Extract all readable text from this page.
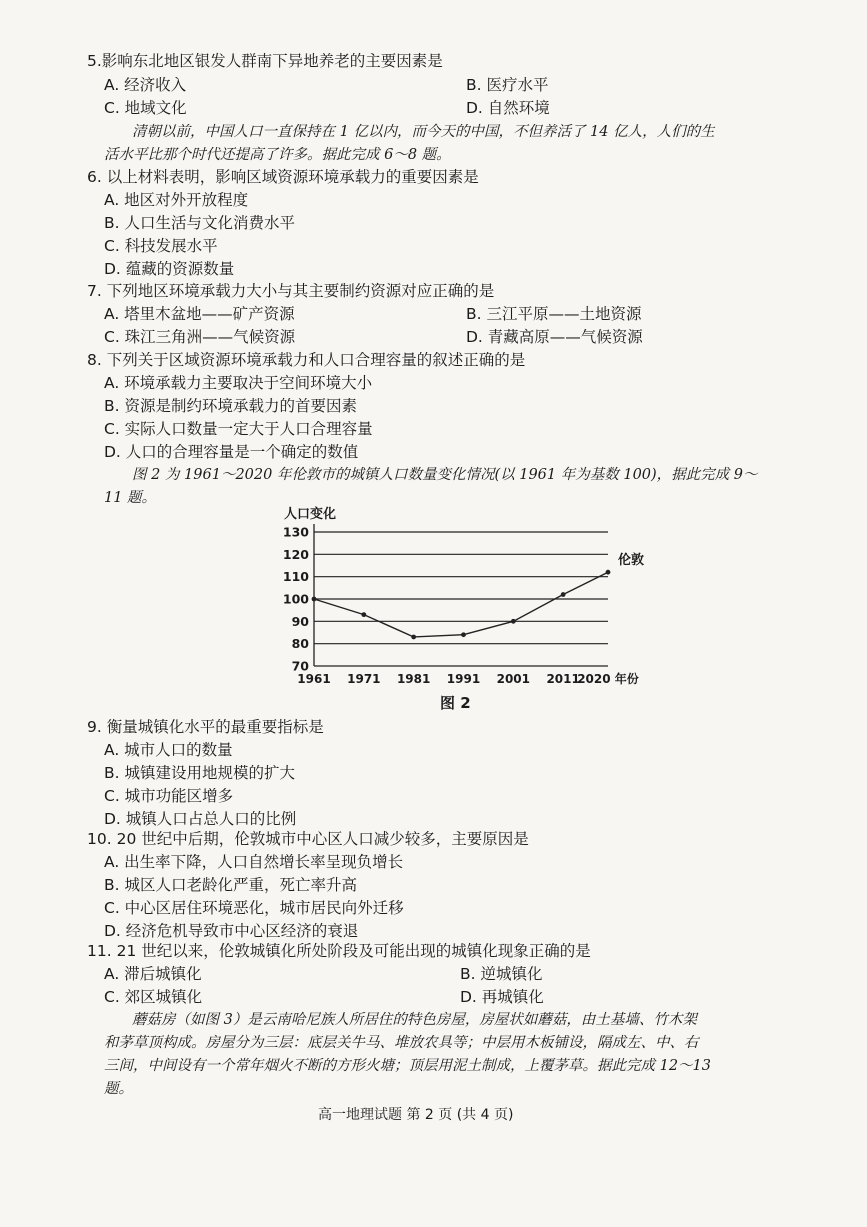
5.影响东北地区银发人群南下异地养老的主要因素是
A. 经济收入	B. 医疗水平
C. 地域文化	D. 自然环境
清朝以前，中国人口一直保持在 1 亿以内，而今天的中国，不但养活了 14 亿人，人们的生
活水平比那个时代还提高了许多。据此完成 6～8 题。
6. 以上材料表明，影响区域资源环境承载力的重要因素是
A. 地区对外开放程度
B. 人口生活与文化消费水平
C. 科技发展水平
D. 蕴藏的资源数量
7. 下列地区环境承载力大小与其主要制约资源对应正确的是
A. 塔里木盆地——矿产资源	B. 三江平原——土地资源
C. 珠江三角洲——气候资源	D. 青藏高原——气候资源
8. 下列关于区域资源环境承载力和人口合理容量的叙述正确的是
A. 环境承载力主要取决于空间环境大小
B. 资源是制约环境承载力的首要因素
C. 实际人口数量一定大于人口合理容量
D. 人口的合理容量是一个确定的数值
图 2 为 1961～2020 年伦敦市的城镇人口数量变化情况(以 1961 年为基数 100)，据此完成 9～
11 题。
人口变化
70
80
90
100
110
120
130
1961 1971 1981 1991 2001 2011
2020 年份
伦敦
图 2
9. 衡量城镇化水平的最重要指标是
A. 城市人口的数量
B. 城镇建设用地规模的扩大
C. 城市功能区增多
D. 城镇人口占总人口的比例
10. 20 世纪中后期，伦敦城市中心区人口减少较多，主要原因是
A. 出生率下降，人口自然增长率呈现负增长
B. 城区人口老龄化严重，死亡率升高
C. 中心区居住环境恶化，城市居民向外迁移
D. 经济危机导致市中心区经济的衰退
11. 21 世纪以来，伦敦城镇化所处阶段及可能出现的城镇化现象正确的是
A. 滞后城镇化	B. 逆城镇化
C. 郊区城镇化	D. 再城镇化
蘑菇房（如图 3）是云南哈尼族人所居住的特色房屋，房屋状如蘑菇，由土基墙、竹木架
和茅草顶构成。房屋分为三层：底层关牛马、堆放农具等；中层用木板铺设，隔成左、中、右
三间，中间设有一个常年烟火不断的方形火塘；顶层用泥土制成，上覆茅草。据此完成 12～13
题。
高一地理试题 第 2 页 (共 4 页)
